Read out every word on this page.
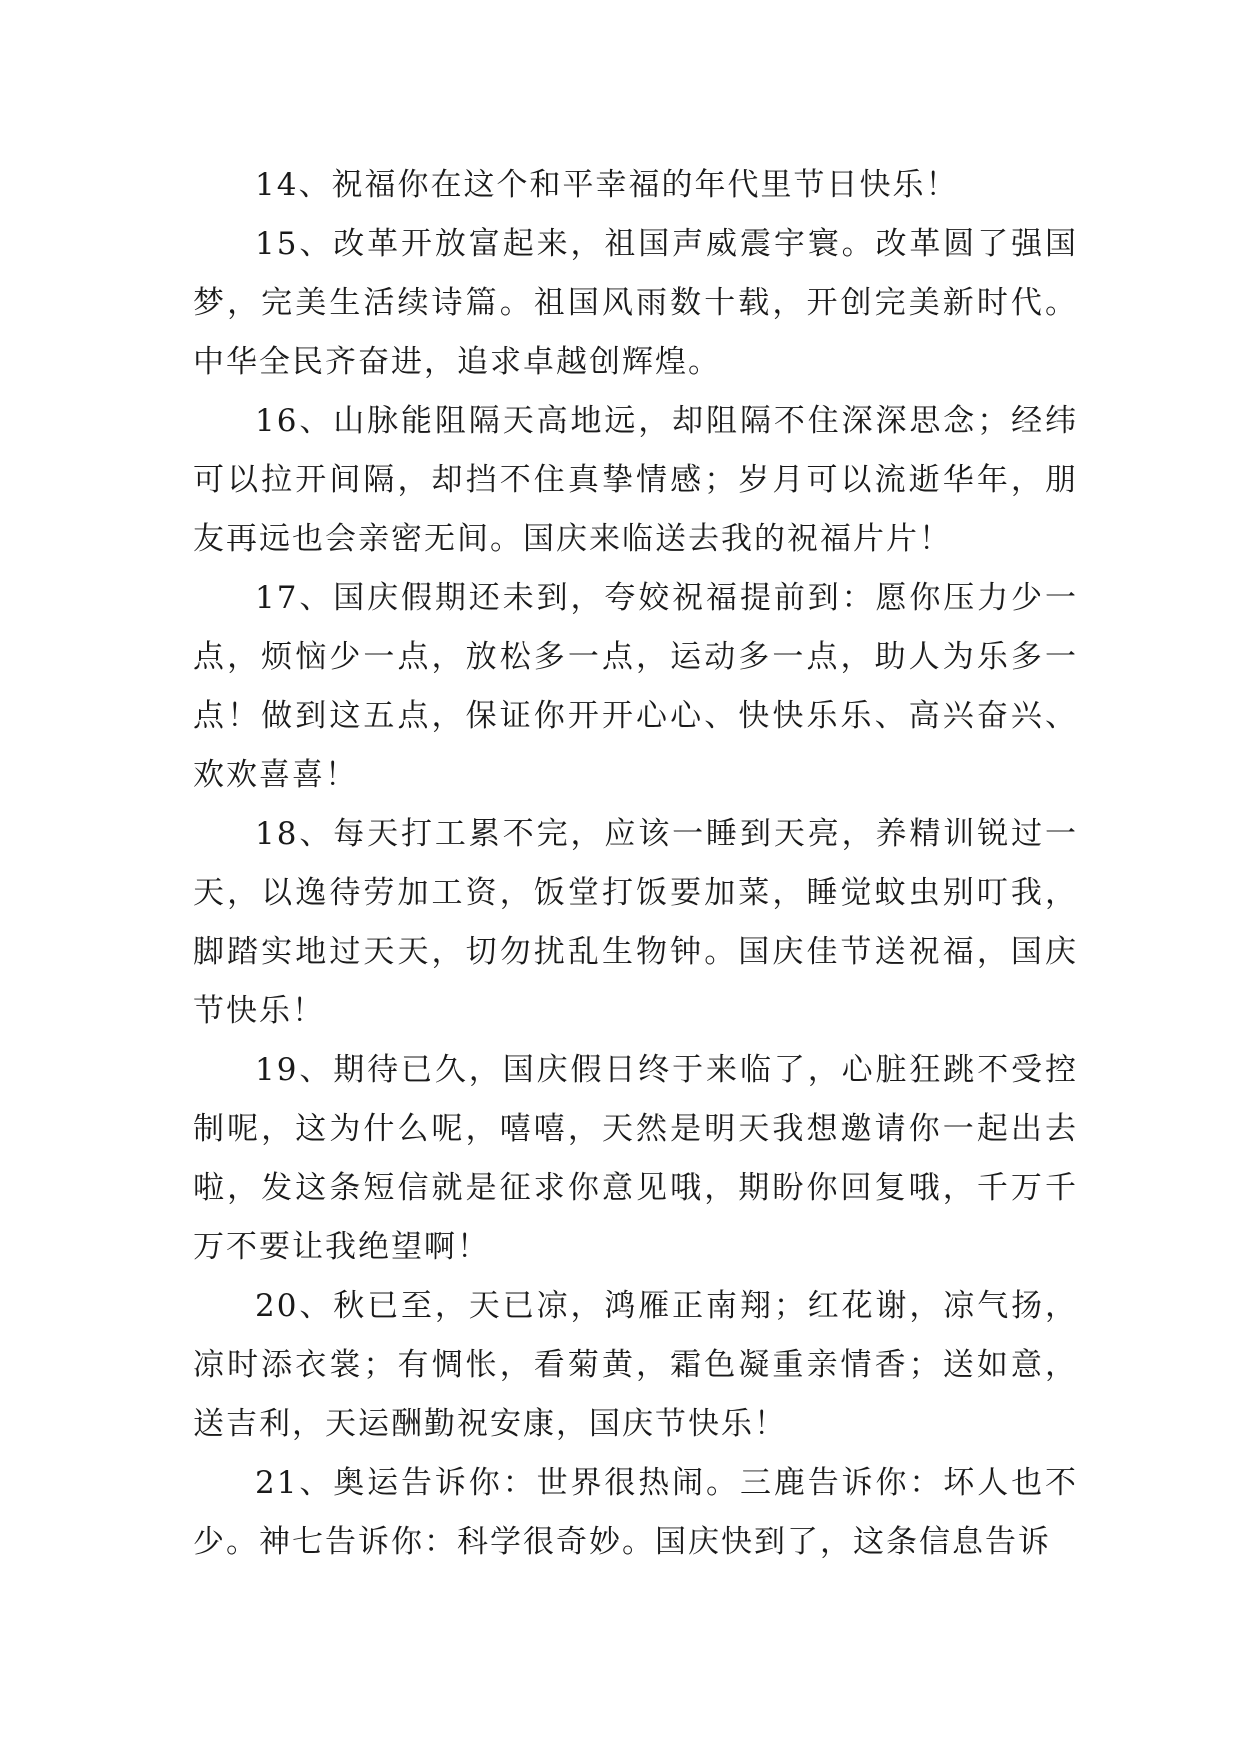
14、祝福你在这个和平幸福的年代里节日快乐！

15、改革开放富起来，祖国声威震宇寰。改革圆了强国梦，完美生活续诗篇。祖国风雨数十载，开创完美新时代。中华全民齐奋进，追求卓越创辉煌。

16、山脉能阻隔天高地远，却阻隔不住深深思念；经纬可以拉开间隔，却挡不住真挚情感；岁月可以流逝华年，朋友再远也会亲密无间。国庆来临送去我的祝福片片！

17、国庆假期还未到，夸姣祝福提前到：愿你压力少一点，烦恼少一点，放松多一点，运动多一点，助人为乐多一点！做到这五点，保证你开开心心、快快乐乐、高兴奋兴、欢欢喜喜！

18、每天打工累不完，应该一睡到天亮，养精训锐过一天，以逸待劳加工资，饭堂打饭要加菜，睡觉蚊虫别叮我，脚踏实地过天天，切勿扰乱生物钟。国庆佳节送祝福，国庆节快乐！

19、期待已久，国庆假日终于来临了，心脏狂跳不受控制呢，这为什么呢，嘻嘻，天然是明天我想邀请你一起出去啦，发这条短信就是征求你意见哦，期盼你回复哦，千万千万不要让我绝望啊！

20、秋已至，天已凉，鸿雁正南翔；红花谢，凉气扬，凉时添衣裳；有惆怅，看菊黄，霜色凝重亲情香；送如意，送吉利，天运酬勤祝安康，国庆节快乐！

21、奥运告诉你：世界很热闹。三鹿告诉你：坏人也不少。神七告诉你：科学很奇妙。国庆快到了，这条信息告诉
